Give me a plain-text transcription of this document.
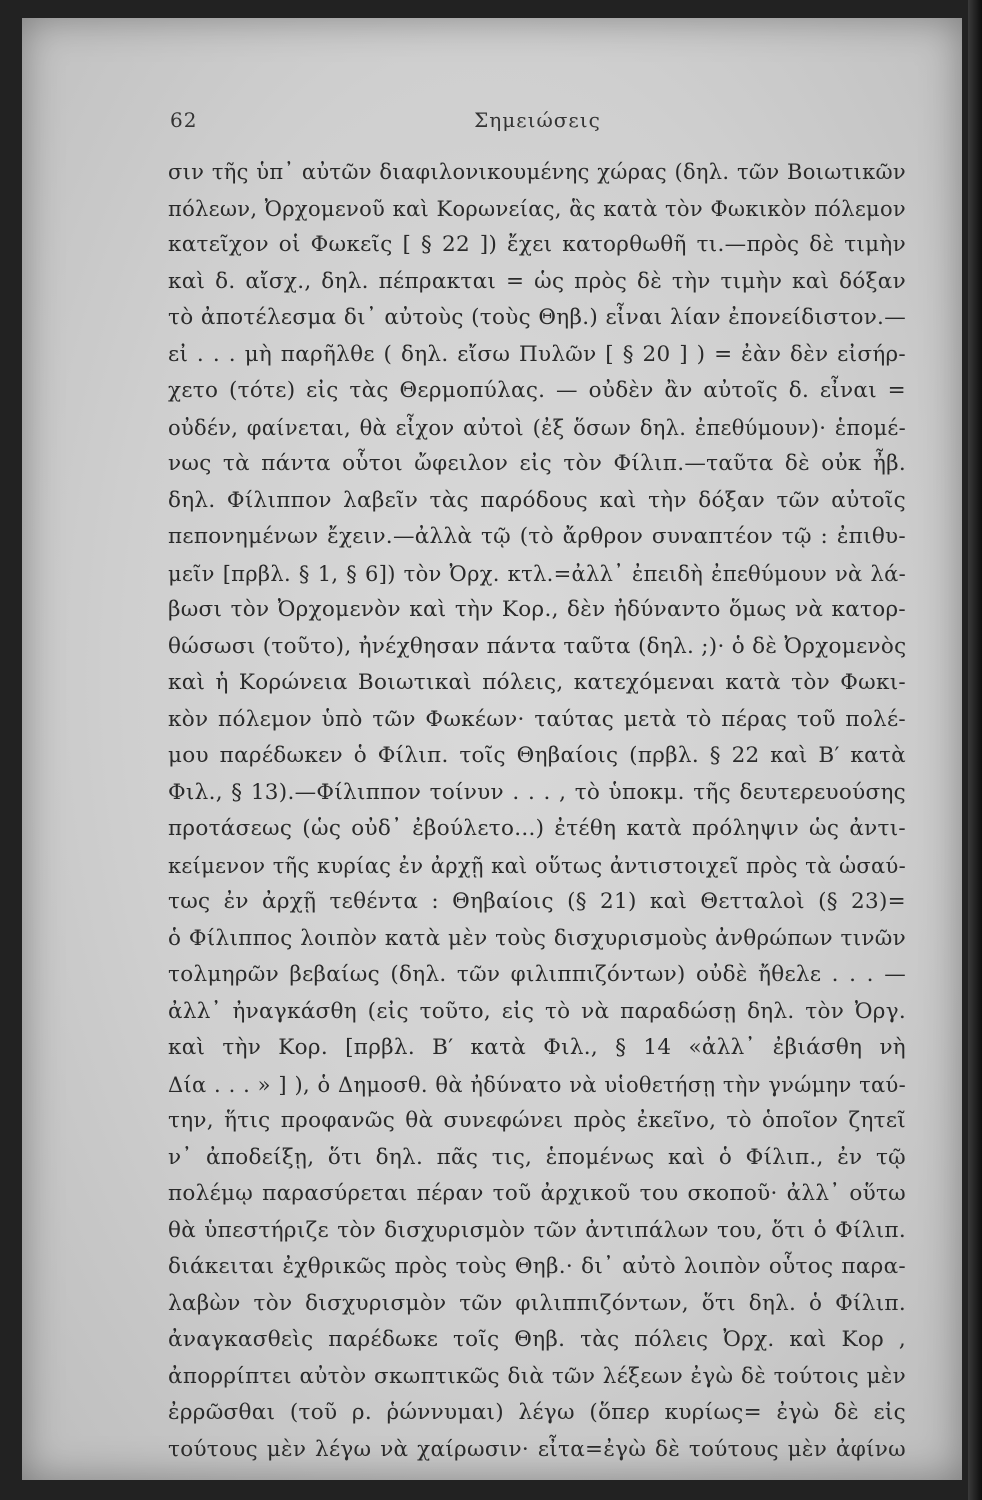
62	Σημειώσεις
σιν τῆς ὑπ᾿ αὐτῶν διαφιλονικουμένης χώρας (δηλ. τῶν Βοιωτικῶν
πόλεων, Ὀρχομενοῦ καὶ Κορωνείας, ἃς κατὰ τὸν Φωκικὸν πόλεμον
κατεῖχον οἱ Φωκεῖς [ § 22 ]) ἔχει κατορθωθῆ τι.—πρὸς δὲ τιμὴν
καὶ δ. αἴσχ., δηλ. πέπρακται = ὡς πρὸς δὲ τὴν τιμὴν καὶ δόξαν
τὸ ἀποτέλεσμα δι᾿ αὐτοὺς (τοὺς Θηβ.) εἶναι λίαν ἐπονείδιστον.—
εἰ . . . μὴ παρῆλθε ( δηλ. εἴσω Πυλῶν [ § 20 ] ) = ἐὰν δὲν εἰσήρ-
χετο (τότε) εἰς τὰς Θερμοπύλας. — οὐδὲν ἂν αὐτοῖς δ. εἶναι =
οὐδέν, φαίνεται, θὰ εἶχον αὐτοὶ (ἐξ ὅσων δηλ. ἐπεθύμουν)· ἑπομέ-
νως τὰ πάντα οὗτοι ὤφειλον εἰς τὸν Φίλιπ.—ταῦτα δὲ οὐκ ἦβ.
δηλ. Φίλιππον λαβεῖν τὰς παρόδους καὶ τὴν δόξαν τῶν αὐτοῖς
πεπονημένων ἔχειν.—ἀλλὰ τῷ (τὸ ἄρθρον συναπτέον τῷ : ἐπιθυ-
μεῖν [πρβλ. § 1, § 6]) τὸν Ὀρχ. κτλ.=ἀλλ᾿ ἐπειδὴ ἐπεθύμουν νὰ λά-
βωσι τὸν Ὀρχομενὸν καὶ τὴν Κορ., δὲν ἠδύναντο ὅμως νὰ κατορ-
θώσωσι (τοῦτο), ἠνέχθησαν πάντα ταῦτα (δηλ. ;)· ὁ δὲ Ὀρχομενὸς
καὶ ἡ Κορώνεια Βοιωτικαὶ πόλεις, κατεχόμεναι κατὰ τὸν Φωκι-
κὸν πόλεμον ὑπὸ τῶν Φωκέων· ταύτας μετὰ τὸ πέρας τοῦ πολέ-
μου παρέδωκεν ὁ Φίλιπ. τοῖς Θηβαίοις (πρβλ. § 22 καὶ Β′ κατὰ
Φιλ., § 13).—Φίλιππον τοίνυν . . . , τὸ ὑποκμ. τῆς δευτερευούσης
προτάσεως (ὡς οὐδ᾿ ἐβούλετο...) ἐτέθη κατὰ πρόληψιν ὡς ἀντι-
κείμενον τῆς κυρίας ἐν ἀρχῇ καὶ οὕτως ἀντιστοιχεῖ πρὸς τὰ ὡσαύ-
τως ἐν ἀρχῇ τεθέντα : Θηβαίοις (§ 21) καὶ Θετταλοὶ (§ 23)=
ὁ Φίλιππος λοιπὸν κατὰ μὲν τοὺς δισχυρισμοὺς ἀνθρώπων τινῶν
τολμηρῶν βεβαίως (δηλ. τῶν φιλιππιζόντων) οὐδὲ ἤθελε . . . —
ἀλλ᾿ ἠναγκάσθη (εἰς τοῦτο, εἰς τὸ νὰ παραδώσῃ δηλ. τὸν Ὀργ.
καὶ τὴν Κορ. [πρβλ. Β′ κατὰ Φιλ., § 14 «ἀλλ᾿ ἐβιάσθη νὴ
Δία . . . » ] ), ὁ Δημοσθ. θὰ ἠδύνατο νὰ υἱοθετήσῃ τὴν γνώμην ταύ-
την, ἥτις προφανῶς θὰ συνεφώνει πρὸς ἐκεῖνο, τὸ ὁποῖον ζητεῖ
ν᾿ ἀποδείξῃ, ὅτι δηλ. πᾶς τις, ἑπομένως καὶ ὁ Φίλιπ., ἐν τῷ
πολέμῳ παρασύρεται πέραν τοῦ ἀρχικοῦ του σκοποῦ· ἀλλ᾿ οὕτω
θὰ ὑπεστήριζε τὸν δισχυρισμὸν τῶν ἀντιπάλων του, ὅτι ὁ Φίλιπ.
διάκειται ἐχθρικῶς πρὸς τοὺς Θηβ.· δι᾿ αὐτὸ λοιπὸν οὗτος παρα-
λαβὼν τὸν δισχυρισμὸν τῶν φιλιππιζόντων, ὅτι δηλ. ὁ Φίλιπ.
ἀναγκασθεὶς παρέδωκε τοῖς Θηβ. τὰς πόλεις Ὀρχ. καὶ Κορ ,
ἀπορρίπτει αὐτὸν σκωπτικῶς διὰ τῶν λέξεων ἐγὼ δὲ τούτοις μὲν
ἐρρῶσθαι (τοῦ ρ. ῥώννυμαι) λέγω (ὅπερ κυρίως= ἐγὼ δὲ εἰς
τούτους μὲν λέγω νὰ χαίρωσιν· εἶτα=ἐγὼ δὲ τούτους μὲν ἀφίνω
